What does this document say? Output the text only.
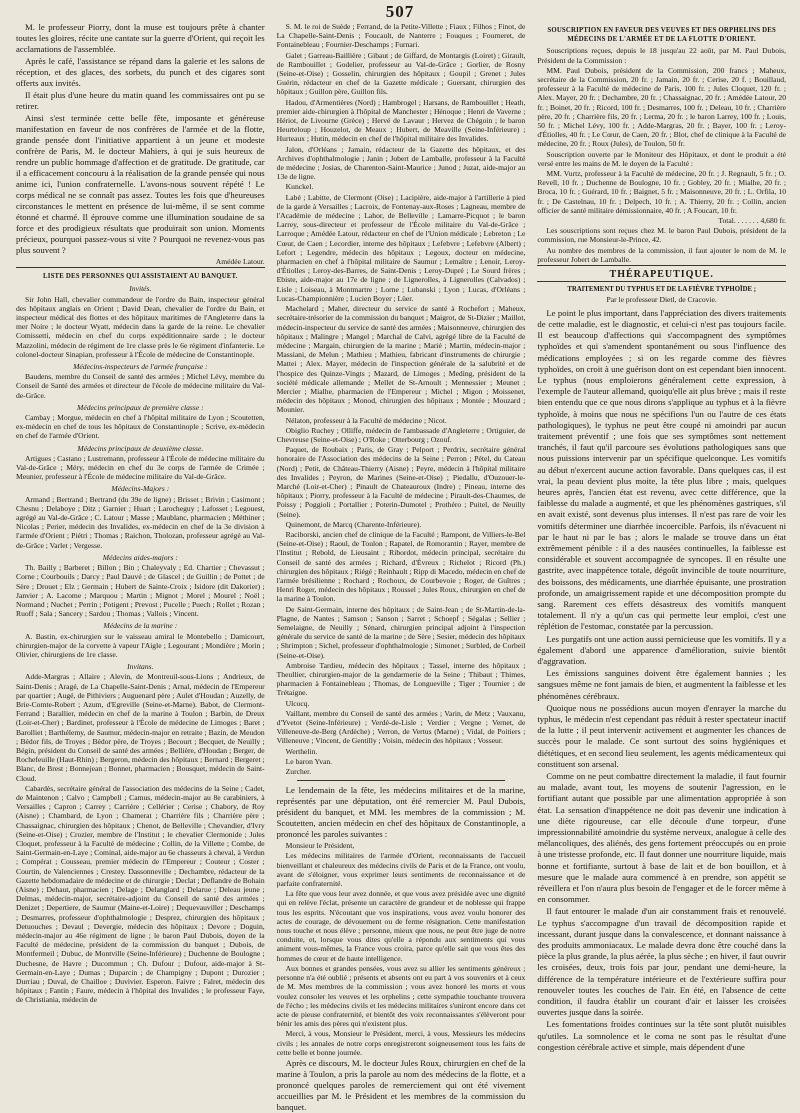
507

M. le professeur Piorry, dont la muse est toujours prête à chanter toutes les gloires, récite une cantate sur la guerre d'Orient, qui reçoit les acclamations de l'assemblée.

Après le café, l'assistance se répand dans la galerie et les salons de réception, et des glaces, des sorbets, du punch et des cigares sont offerts aux invités.

Il était plus d'une heure du matin quand les commissaires ont pu se retirer.

Ainsi s'est terminée cette belle fête, imposante et généreuse manifestation en faveur de nos confrères de l'armée et de la flotte, grande pensée dont l'initiative appartient à un jeune et modeste confrère de Paris, M. le docteur Mahiers, à qui je suis heureux de rendre un public hommage d'affection et de gratitude. De gratitude, car il a efficacement concouru à la réalisation de la grande pensée qui nous anime ici, l'union confraternelle. L'avons-nous souvent répété ! Le corps médical ne se connaît pas assez. Toutes les fois que d'heureuses circonstances le mettent en présence de lui-même, il se sent comme étonné et charmé. Il éprouve comme une illumination soudaine de sa force et des prodigieux résultats que produirait son union. Moments précieux, pourquoi passez-vous si vite ? Pourquoi ne revenez-vous pas plus souvent ?

Amédée Latour.

LISTE DES PERSONNES QUI ASSISTAIENT AU BANQUET.
Invités.

Sir John Hall, chevalier commandeur de l'ordre du Bain, inspecteur général des hôpitaux anglais en Orient ; David Dean, chevalier de l'ordre du Bain, et inspecteur médical des flottes et des hôpitaux maritimes de l'Angleterre dans la mer Noire ; le docteur Wyatt, médecin dans la garde de la reine. Le chevalier Comissetti, médecin en chef du corps expéditionnaire sarde ; le docteur Mazzolini, médecin de régiment de 1re classe près le 6e régiment d'infanterie. Le colonel-docteur Sinapian, professeur à l'École de médecine de Constantinople.

Médecins-inspecteurs de l'armée française :

Baudens, membre du Conseil de santé des armées ; Michel Lévy, membre du Conseil de Santé des armées et directeur de l'école de médecine militaire du Val-de-Grâce.

Médecins principaux de première classe :

Cambay ; Morgue, médecin en chef à l'hôpital militaire de Lyon ; Scoutetten, ex-médecin en chef de tous les hôpitaux de Constantinople ; Scrive, ex-médecin en chef de l'armée d'Orient.

Médecins principaux de deuxième classe.

Artigues ; Castano ; Lustremann, professeur à l'École de médecine militaire du Val-de-Grâce ; Méry, médecin en chef du 3e corps de l'armée de Crimée ; Meunier, professeur à l'École de médecine militaire du Val-de-Grâce.

Médecins-Majors :

Armand ; Bertrand ; Bertrand (du 39e de ligne) ; Brisset ; Brivin ; Casimont ; Chesnu ; Delaboye ; Ditz ; Garnier ; Huart ; Larocheguy ; Lafosset ; Legouest, agrégé au Val-de-Grâce ; C. Latour ; Masse ; Maublanc, pharmacien ; Méthiner ; Nicolas ; Perier, médecin des Invalides, ex-médecin en chef de la 3e division à l'armée d'Orient ; Piétri ; Thomas ; Raichon, Tholozan, professeur agrégé au Val-de-Grâce ; Varlet ; Vergesse.

Médecins aides-majors :

Th. Bailly ; Barberet ; Billon ; Bin ; Chaleyvaly ; Ed. Chartier ; Chevassut ; Corne ; Courbouils ; Darcy ; Paul Dauvé ; de Glascel ; de Guillin ; de Pottet ; de Sère ; Drouet ; Elz ; Germain ; Hubert de Sainte-Croix ; Isidore (dit Dakorier) ; Janvier ; A. Lacome ; Marquou ; Martin ; Mignot ; Morel ; Mourel ; Noël ; Normand ; Nuchet ; Perrin ; Potigent ; Prevost ; Pucelle ; Puech ; Rollet ; Rozan ; Ruoff ; Sala ; Sancery ; Sardou ; Thomas ; Vallois ; Vincent.

Médecins de la marine :

A. Bastin, ex-chirurgien sur le vaisseau amiral le Montebello ; Damicourt, chirurgien-major de la corvette à vapeur l'Aigle ; Legourant ; Mondière ; Morin ; Olivier, chirurgiens de 1re classe.

Invitans.

Adde-Margras ; Allaire ; Alevin, de Montreuil-sous-Lions ; Andrieux, de Saint-Denis ; Aragé, de La Chapelle-Saint-Denis ; Arnal, médecin de l'Empereur par quartier ; Augé, de Pithiviers ; Auguenard père ; Aulet d'Houdan ; Auzelly, de Brie-Comte-Robert ; Azum, d'Egreville (Seine-et-Marne). Babot, de Clermont-Ferrand ; Barallier, médecin en chef de la marine à Toulon ; Barbin, de Dreux (Loir-et-Cher) ; Bardinet, professeur à l'École de médecine de Limoges ; Baret ; Barolliet ; Barthélemy, de Saumur, médecin-major en retraite ; Bazin, de Meudon ; Bédor fils, de Troyes ; Bédor père, de Troyes ; Becourt ; Becquet, de Neuilly ; Bégin, président du Conseil de santé des armées ; Bellière, d'Houdan ; Berger, de Rochefeuille (Haut-Rhin) ; Bergeron, médecin des hôpitaux ; Bernard ; Bergeret ; Blanc, de Brest ; Bonnejean ; Bonnet, pharmacien ; Bousquet, médecin de Saint-Cloud.

Cabardès, secrétaire général de l'association des médecins de la Seine ; Cadet, de Maintenon ; Calvo ; Campbell ; Camus, médecin-major au 8e carabiniers, à Versailles ; Capron ; Carrey ; Carrière ; Cellérier ; Cerise ; Chabory, de Roy (Aisne) ; Chambard, de Lyon ; Chamerat ; Charrière fils ; Charrière père ; Chassaignac, chirurgien des hôpitaux ; Chenot, de Belleville ; Chevandier, d'Ivry (Seine-et-Oise) ; Crozier, membre de l'Institut ; le chevalier Clermonide ; Jules Cloquet, professeur à la Faculté de médecine ; Collin, de la Villette ; Combe, de Saint-Germain-en-Laye ; Cominal, aide-major au 6e chasseurs à cheval, à Verdun ; Compérat ; Cousseau, premier médecin de l'Empereur ; Couteur ; Coster ; Courtin, de Valenciennes ; Crestey. Dassonneville ; Dechambre, rédacteur de la Gazette hebdomadaire de médecine et de chirurgie ; Declat ; Deflandre de Bohain (Aisne) ; Dehaut, pharmacien ; Delage ; Delanglard ; Delarue ; Deleau jeune ; Delmas, médecin-major, secrétaire-adjoint du Conseil de santé des armées ; Denizet ; Depertiere, de Saumur (Maine-et-Loire) ; Dequevauviller ; Deschamps ; Desmarres, professeur d'ophthalmologie ; Desprez, chirurgien des hôpitaux ; Detuouches ; Devaul ; Devergie, médecin des hôpitaux ; Devore ; Doguin, médecin-major au 46e régiment de ligne ; le baron Paul Dubois, doyen de la Faculté de médecine, président de la commission du banquet ; Dubois, de Montfermeil ; Dubuc, de Montville (Seine-Inférieure) ; Duchenne de Boulogne ; Duchesne, de Havre ; Ducommun ; Ch. Dufour ; Dufour, aide-major à St-Germain-en-Laye ; Dumas ; Duparcin ; de Champigny ; Dupont ; Durozier ; Durriau ; Duval, de Chailloe ; Duvivier. Esperon. Faivre ; Falret, médecin des hôpitaux ; Fantin ; Faure, médecin à l'hôpital des Invalides ; le professeur Faye, de Christiania, médecin de

S. M. le roi de Suède ; Ferrand, de la Petite-Villette ; Fiaux ; Filhos ; Finot, de La Chapelle-Saint-Denis ; Foucault, de Nanterre ; Fouques ; Fourneret, de Fontainebleau ; Fournier-Deschamps ; Furnari.

Galet ; Garreau-Baillière ; Gibaut ; de Giffard, de Montargis (Loiret) ; Girault, de Rambouillet ; Godelier, professeur au Val-de-Grâce ; Gorlier, de Rosny (Seine-et-Oise) ; Gosselin, chirurgien des hôpitaux ; Goupil ; Grenet ; Jules Guérin, rédacteur en chef de la Gazette médicale ; Guersant, chirurgien des hôpitaux ; Guillon père, Guillon fils.

Hadou, d'Armentières (Nord) ; Hambrogel ; Harsans, de Rambouillet ; Heath, premier aide-chirurgien à l'hôpital de Manchester ; Hénoque ; Henri de Vaverne ; Hériot, de Livourne (Grèce) ; Hervé de Lavaur ; Hervez de Chégoin ; le baron Heurteloup ; Houzelot, de Meaux ; Hubert, de Meaville (Seine-Inférieure) ; Hurteaux ; Hutin, médecin en chef de l'hôpital militaire des Invalides.

Jalon, d'Orléans ; Jamain, rédacteur de la Gazette des hôpitaux, et des Archives d'ophthalmologie ; Janin ; Jobert de Lamballe, professeur à la Faculté de médecine ; Josias, de Charenton-Saint-Maurice ; Junod ; Juzat, aide-major au 13e de ligne.

Kunckel.

Labé ; Labitte, de Clermont (Oise) ; Lacipière, aide-major à l'artillerie à pied de la garde à Versailles ; Lacroix, de Fontenay-aux-Roses ; Lagneau, membre de l'Académie de médecine ; Lahor, de Belleville ; Lamarre-Picquot ; le baron Larrey, sous-directeur et professeur de l'École militaire du Val-de-Grâce ; Larroque ; Amédée Latour, rédacteur en chef de l'Union médicale ; Lebreton ; Le Cœur, de Caen ; Lecordier, interne des hôpitaux ; Lefebvre ; Lefebvre (Albert) ; Lefort ; Legendre, médecin des hôpitaux ; Legoux, docteur en médecine, pharmacien en chef à l'hôpital militaire de Saumur ; Lemaître ; Lenoir, Leroy-d'Étiolles ; Leroy-des-Barres, de Saint-Denis ; Leroy-Dupré ; Le Sourd frères ; Ebiste, aide-major au 17e de ligne ; de Lignerolles, à Lignerolles (Calvados) ; Lisle ; Loiseau, à Montmartre ; Lorne ; Lubanski ; Lyon ; Lucas, d'Orléans ; Lucas-Championnière ; Lucien Boyer ; Lüer.

Machelard ; Maher, directeur du service de santé à Rochefort ; Maheux, secrétaire-trésorier de la commission du banquet ; Maigrot, de St-Dizier ; Maillot, médecin-inspecteur du service de santé des armées ; Maisonneuve, chirurgien des hôpitaux ; Malingre ; Mangel ; Marchal de Calvi, agrégé libre de la Faculté de médecine ; Margain, chirurgien de la marine ; Marié ; Martin, médecin-major ; Massiani, de Melun ; Mathieu ; Mathieu, fabricant d'instruments de chirurgie ; Mattei ; Alex. Mayer, médecin de l'inspection générale de la salubrité et de l'hospice des Quinze-Vingts ; Mazard, de Limoges ; Meding, président de la société médicale allemande ; Mellet de St-Arnoult ; Mennessier ; Meunet ; Mercier ; Mialhe, pharmacien de l'Empereur ; Michel ; Migon ; Moissenet, médecin des hôpitaux ; Monod, chirurgien des hôpitaux ; Montée ; Mouzard ; Mounier.

Nélaton, professeur à la Faculté de médecine ; Nicot.

Obiglio Ruchey ; Olliffe, médecin de l'ambassade d'Angleterre ; Ortiguier, de Chevreuse (Seine-et-Oise) ; O'Roke ; Otterbourg ; Ozouf.

Paquet, de Roubaix ; Paris, de Gray ; Pelport ; Perdrix, secrétaire général honoraire de l'Association des médecins de la Seine ; Perron ; Pétel, du Cateau (Nord) ; Petit, de Château-Thierry (Aisne) ; Peyre, médecin à l'hôpital militaire des Invalides ; Peyron, de Marines (Seine-et-Oise) ; Piedallu, d'Ouzouer-le-Marché (Loir-et-Cher) ; Pinault de Chateauroux (Indre) ; Pineau, interne des hôpitaux ; Piorry, professeur à la Faculté de médecine ; Pirault-des-Chaumes, de Poissy ; Poggioli ; Portallier ; Poterin-Dumotel ; Prothéro ; Puitel, de Neuilly (Seine).

Quinemont, de Marcq (Charente-Inférieure).

Raciborski, ancien chef de clinique de la Faculté ; Rampont, de Villiers-le-Bel (Seine-et-Oise) ; Raoul, de Toulon ; Rapatel, de Romorantin ; Rayer, membre de l'Institut ; Rebold, de Lieusaint ; Ribordot, médecin principal, secrétaire du Conseil de santé des armées ; Richard, d'Évreux ; Richelot ; Ricord (Ph.) chirurgien des hôpitaux ; Riégé ; Reinhault ; Ripp di Macedo, médecin en chef de l'armée brésilienne ; Rochard ; Rochoux, de Courbevoie ; Roger, de Guîtres ; Henri Roger, médecin des hôpitaux ; Roussel ; Jules Roux, chirurgien en chef de la marine à Toulon.

De Saint-Germain, interne des hôpitaux ; de Saint-Jean ; de St-Martin-de-la-Plagne, de Nantes ; Samson ; Sanson ; Sarret ; Schoepf ; Ségalas ; Sellier ; Semelaigne, de Neuilly ; Sénard, chirurgien principal adjoint à l'inspection générale du service de santé de la marine ; de Sère ; Sesier, médecin des hôpitaux ; Shrimpton ; Sichel, professeur d'ophthalmologie ; Simonet ; Surbled, de Corbeil (Seine-et-Oise).

Ambroise Tardieu, médecin des hôpitaux ; Tassel, interne des hôpitaux ; Theullier, chirurgien-major de la gendarmerie de la Seine ; Thibaut ; Thimes, pharmacien à Fontainebleau ; Thomas, de Longueville ; Tiger ; Tournier ; de Trétaigne.

Ulcocq.

Vaillant, membre du Conseil de santé des armées ; Varin, de Metz ; Vauxanu, d'Yvetot (Seine-Inférieure) ; Verdé-de-Lisle ; Verdier ; Vergne ; Vernet, de Villeneuve-de-Berg (Ardèche) ; Verron, de Vertus (Marne) ; Vidal, de Poitiers ; Villeneuve ; Vincent, de Gentilly ; Voisin, médecin des hôpitaux ; Vosseur.

Werthelin.

Le baron Yvan.

Zurcher.

Le lendemain de la fête, les médecins militaires et de la marine, représentés par une députation, ont été remercier M. Paul Dubois, président du banquet, et MM. les membres de la commission ; M. Scoutetten, ancien médecin en chef des hôpitaux de Constantinople, a prononcé les paroles suivantes :

Monsieur le Président,

Les médecins militaires de l'armée d'Orient, reconnaissants de l'accueil bienveillant et chaleureux des médecins civils de Paris et de la France, ont voulu, avant de s'éloigner, vous exprimer leurs sentiments de reconnaissance et de parfaite confraternité.

La fête que vous leur avez donnée, et que vous avez présidée avec une dignité qui en relève l'éclat, présente un caractère de grandeur et de noblesse qui frappe tous les esprits. N'écoutant que vos inspirations, vous avez voulu honorer des actes de courage, de dévouement ou de ferme résignation. Cette manifestation nous touche et nous élève ; personne, mieux que nous, ne peut être juge de notre conduite, et, lorsque vous dites qu'elle a répondu aux sentiments qui vous animent vous-mêmes, la France vous croira, parce qu'elle sait que vous êtes des hommes de cœur et de haute intelligence.

Aux bonnes et grandes pensées, vous avez su allier les sentiments généreux ; personne n'a été oublié ; présents et absents ont eu part à vos souvenirs et à ceux de M. Mes membres de la commission ; vous avez honoré les morts et vous voulez consoler les veuves et les orphelins ; cette sympathie touchante trouvera de l'écho ; les médecins civils et les médecins militaires s'uniront encore dans cet acte de pieuse confraternité, et bientôt des voix reconnaissantes s'élèveront pour bénir les amis des pères qui n'existent plus.

Merci, à vous, Monsieur le Président, merci, à vous, Messieurs les médecins civils ; les annales de notre corps enregistreront soigneusement tous les faits de cette belle et bonne journée.

Après ce discours, M. le docteur Jules Roux, chirurgien en chef de la marine à Toulon, a pris la parole au nom des médecins de la flotte, et a prononcé quelques paroles de remerciement qui ont été vivement accueillies par M. le Président et les membres de la commission du banquet.

SOUSCRIPTION EN FAVEUR DES VEUVES ET DES ORPHELINS DES MÉDECINS DE L'ARMÉE ET DE LA FLOTTE D'ORIENT.

Souscriptions reçues, depuis le 18 jusqu'au 22 août, par M. Paul Dubois, Président de la Commission :

MM. Paul Dubois, président de la Commission, 200 francs ; Maheux, secrétaire de la Commission, 20 fr. ; Jamain, 20 fr. ; Cerise, 20 f. ; Bouillaud, professeur à la Faculté de médecine de Paris, 100 fr. ; Jules Cloquet, 120 fr. ; Alex. Mayer, 20 fr. ; Dechambre, 20 fr. ; Chassaignac, 20 fr. ; Amédée Latour, 20 fr. ; Boinet, 20 fr. ; Ricord, 100 fr. ; Desmarres, 100 fr. ; Deleau, 10 fr. ; Charrière père, 20 fr. ; Charrière fils, 20 fr. ; Lerma, 20 fr. ; le baron Larrey, 100 fr. ; Louis, 50 fr. ; Michel Lévy, 100 fr. ; Adde-Margras, 20 fr. ; Bayer, 100 fr. ; Leroy-d'Étiolles, 40 fr. ; Le Cœur, de Caen, 20 fr. ; Blot, chef de clinique à la Faculté de médecine, 20 fr. ; Roux (Jules), de Toulon, 50 fr.

Souscription ouverte par le Moniteur des Hôpitaux, et dont le produit a été versé entre les mains de M. le doyen de la Faculté :

MM. Vurtz, professeur à la Faculté de médecine, 20 fr. ; J. Regnault, 5 fr. ; O. Revell, 10 fr. ; Duchenne de Boulogne, 10 fr. ; Gobley, 20 fr. ; Mialhe, 20 fr. ; Broca, 10 fr. ; Guérard, 10 fr. ; Baignet, 5 fr. ; Maisonneuve, 20 fr. ; L. Orfila, 10 fr. ; De Castelnau, 10 fr. ; Delpech, 10 fr. ; A. Thierry, 20 fr. ; Collin, ancien officier de santé militaire démissionnaire, 40 fr. ; A Foucart, 10 fr.

Total. . . . . . . 4,680 fr.

Les souscriptions sont reçues chez M. le baron Paul Dubois, président de la commission, rue Monsieur-le-Prince, 42.

Au nombre des membres de la commission, il faut ajouter le nom de M. le professeur Jobert de Lamballe.

THÉRAPEUTIQUE.
TRAITEMENT DU TYPHUS ET DE LA FIÈVRE TYPHOÏDE ;
Par le professeur Dietl, de Cracovie.

Le point le plus important, dans l'appréciation des divers traitements de cette maladie, est le diagnostic, et celui-ci n'est pas toujours facile. Il est beaucoup d'affections qui s'accompagnent des symptômes typhoïdes et qui s'amendent spontanément ou sous l'influence des médications employées ; si on les regarde comme des fièvres typhoïdes, on croit à une guérison dont on est cependant bien innocent. Le typhus (nous emploierons généralement cette expression, à l'exemple de l'auteur allemand, quoiqu'elle ait plus brève ; mais il reste bien entendu que ce que nous dirons s'applique au typhus et à la fièvre typhoïde, à moins que nous ne spécifions l'un ou l'autre de ces états pathologiques), le typhus ne peut être coupé ni amoindri par aucun traitement préventif ; une fois que ses symptômes sont nettement tranchés, il faut qu'il parcoure ses évolutions pathologiques sans que nous puissions intervenir par un spécifique quelconque. Les vomitifs au début n'exercent aucune action favorable. Dans quelques cas, il est vrai, la peau devient plus moite, la tête plus libre ; mais, quelques heures après, l'ancien état est revenu, avec cette différence, que la faiblesse du malade a augmenté, et que les phénomènes gastriques, s'il en avait existé, sont devenus plus intenses. Il n'est pas rare de voir les vomitifs déterminer une diarrhée incoercible. Parfois, ils n'évacuent ni par le haut ni par le bas ; alors le malade se trouve dans un état extrêmement pénible : il a des nausées continuelles, la faiblesse est considérable et souvent accompagnée de syncopes. Il en résulte une gastrite, avec inappétence totale, dégoût invincible de toute nourriture, des boissons, des médicaments, une diarrhée épuisante, une prostration profonde, un amaigrissement rapide et une décomposition prompte du sang. Rarement ces effets désastreux des vomitifs manquent totalement. Il n'y a qu'un cas qui permette leur emploi, c'est une réplétion de l'estomac, constatée par la percussion.

Les purgatifs ont une action aussi pernicieuse que les vomitifs. Il y a également d'abord une apparence d'amélioration, suivie bientôt d'aggravation.

Les émissions sanguines doivent être également bannies ; les sangsues même ne font jamais de bien, et augmentent la faiblesse et les phénomènes cérébraux.

Quoique nous ne possédions aucun moyen d'enrayer la marche du typhus, le médecin n'est cependant pas réduit à rester spectateur inactif de la lutte ; il peut intervenir activement et augmenter les chances de succès pour le malade. Ce sont surtout des soins hygiéniques et diététiques, et en second lieu seulement, les agents médicamenteux qui constituent son arsenal.

Comme on ne peut combattre directement la maladie, il faut fournir au malade, avant tout, les moyens de soutenir l'agression, en le fortifiant autant que possible par une alimentation appropriée à son état. La sensation d'inappétence ne doit pas devenir une indication à une diète rigoureuse, car elle découle d'une torpeur, d'une impressionnabilité amoindrie du système nerveux, analogue à celle des mélancoliques, des aliénés, des gens fortement préoccupés ou en proie à une tristesse profonde, etc. Il faut donner une nourriture liquide, mais bonne et fortifiante, surtout à base de lait et de bon bouillon, et à mesure que le malade aura commencé à en prendre, son appétit se réveillera et l'on n'aura plus besoin de l'engager et de le forcer même à en consommer.

Il faut entourer le malade d'un air constamment frais et renouvelé. Le typhus s'accompagne d'un travail de décomposition rapide et incessant, durant jusque dans la convalescence, et donnant naissance à des produits ammoniacaux. Le malade devra donc être couché dans la pièce la plus grande, la plus aérée, la plus sèche ; en hiver, il faut ouvrir les croisées, deux, trois fois par jour, pendant une demi-heure, la différence de la température intérieure et de l'extérieure suffira pour renouveler toutes les couches de l'air. En été, en l'absence de cette condition, il faudra établir un courant d'air et laisser les croisées ouvertes jusque dans la soirée.

Les fomentations froides continues sur la tête sont plutôt nuisibles qu'utiles. La somnolence et le coma ne sont pas le résultat d'une congestion cérébrale active et simple, mais dépendent d'une
